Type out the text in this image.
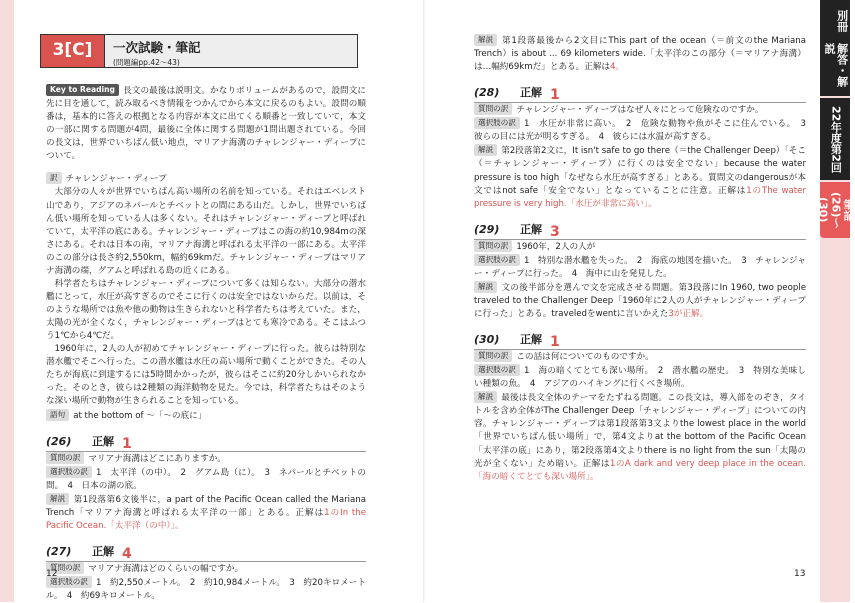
3[C]	一次試験・筆記
(問題編pp.42〜43)

Key to Reading 長文の最後は説明文。かなりボリュームがあるので，設問文に先に目を通して，読み取るべき情報をつかんでから本文に戻るのもよい。設問の順番は，基本的に答えの根拠となる内容が本文に出てくる順番と一致していて，本文の一部に関する問題が4問，最後に全体に関する問題が1問出題されている。今回の長文は，世界でいちばん低い地点，マリアナ海溝のチャレンジャー・ディープについて。

訳 チャレンジャー・ディープ

大部分の人々が世界でいちばん高い場所の名前を知っている。それはエベレスト山であり，アジアのネパールとチベットとの間にある山だ。しかし，世界でいちばん低い場所を知っている人は多くない。それはチャレンジャー・ディープと呼ばれていて，太平洋の底にある。チャレンジャー・ディープはこの海の約10,984mの深さにある。それは日本の南，マリアナ海溝と呼ばれる太平洋の一部にある。太平洋のこの部分は長さ約2,550km，幅約69kmだ。チャレンジャー・ディープはマリアナ海溝の端，グアムと呼ばれる島の近くにある。

科学者たちはチャレンジャー・ディープについて多くは知らない。大部分の潜水艦にとって，水圧が高すぎるのでそこに行くのは安全ではないからだ。以前は，そのような場所では魚や他の動物は生きられないと科学者たちは考えていた。また，太陽の光が全くなく，チャレンジャー・ディープはとても寒冷である。そこはふつう1℃から4℃だ。

1960年に，2人の人が初めてチャレンジャー・ディープに行った。彼らは特別な潜水艦でそこへ行った。この潜水艦は水圧の高い場所で動くことができた。その人たちが海底に到達するには5時間かかったが，彼らはそこに約20分しかいられなかった。そのとき，彼らは2種類の海洋動物を見た。今では，科学者たちはそのような深い場所で動物が生きられることを知っている。

語句 at the bottom of ～「～の底に」

(26)	正解 1

質問の訳 マリアナ海溝はどこにありますか。

選択肢の訳 1　太平洋（の中）。　 2　グアム島（に）。　 3　ネパールとチベットの間。　 4　日本の湖の底。

解説 第1段落第6文後半に，a part of the Pacific Ocean called the Mariana Trench「マリアナ海溝と呼ばれる太平洋の一部」とある。正解は1のIn the Pacific Ocean.「太平洋（の中）」。

(27)	正解 4

質問の訳 マリアナ海溝はどのくらいの幅ですか。

選択肢の訳 1　約2,550メートル。　 2　約10,984メートル。　 3　約20キロメートル。　 4　約69キロメートル。

12
別冊　解答・解説
22年度第2回
筆記(26)〜(30)

解説 第1段落最後から2文目にThis part of the ocean（＝前文のthe Mariana Trench）is about ... 69 kilometers wide.「太平洋のこの部分（＝マリアナ海溝）は…幅約69kmだ」とある。正解は4。

(28)	正解 1

質問の訳 チャレンジャー・ディープはなぜ人々にとって危険なのですか。

選択肢の訳 1　水圧が非常に高い。　 2　危険な動物や魚がそこに住んでいる。　 3　彼らの目には光が明るすぎる。　 4　彼らには水温が高すぎる。

解説 第2段落第2文に，It isn't safe to go there（＝the Challenger Deep）「そこ（＝チャレンジャー・ディープ）に行くのは安全でない」because the water pressure is too high「なぜなら水圧が高すぎる」とある。質問文のdangerousが本文ではnot safe「安全でない」となっていることに注意。正解は1のThe water pressure is very high.「水圧が非常に高い」。

(29)	正解 3

質問の訳 1960年，2人の人が

選択肢の訳 1　特別な潜水艦を失った。　 2　海底の地図を描いた。　 3　チャレンジャー・ディープに行った。　 4　海中に山を発見した。

解説 文の後半部分を選んで文を完成させる問題。第3段落にIn 1960, two people traveled to the Challenger Deep「1960年に2人の人がチャレンジャー・ディープに行った」とある。traveledをwentに言いかえた3が正解。

(30)	正解 1

質問の訳 この話は何についてのものですか。

選択肢の訳 1　海の暗くてとても深い場所。　 2　潜水艦の歴史。　 3　特別な美味しい種類の魚。　 4　アジアのハイキングに行くべき場所。

解説 最後は長文全体のテーマをたずねる問題。この長文は，導入部をのぞき，タイトルを含め全体がThe Challenger Deep「チャレンジャー・ディープ」についての内容。チャレンジャー・ディープは第1段落第3文よりthe lowest place in the world「世界でいちばん低い場所」で，第4文よりat the bottom of the Pacific Ocean「太平洋の底」にあり，第2段落第4文よりthere is no light from the sun「太陽の光が全くない」ため暗い。正解は1のA dark and very deep place in the ocean.「海の暗くてとても深い場所」。

13
